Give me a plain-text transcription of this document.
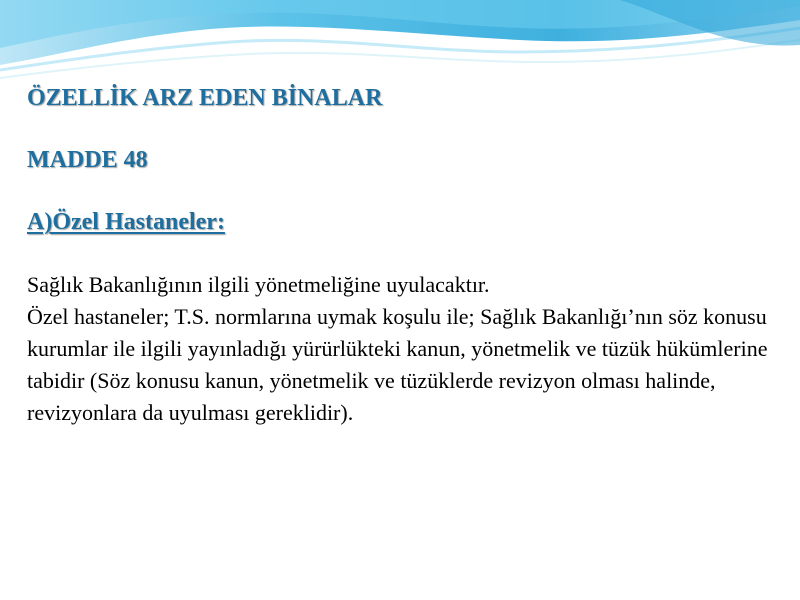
ÖZELLİK ARZ EDEN BİNALAR
MADDE 48
A)Özel Hastaneler:

Sağlık Bakanlığının ilgili yönetmeliğine uyulacaktır.

Özel hastaneler; T.S. normlarına uymak koşulu ile; Sağlık Bakanlığı’nın söz konusu kurumlar ile ilgili yayınladığı yürürlükteki kanun, yönetmelik ve tüzük hükümlerine tabidir (Söz konusu kanun, yönetmelik ve tüzüklerde revizyon olması halinde, revizyonlara da uyulması gereklidir).
